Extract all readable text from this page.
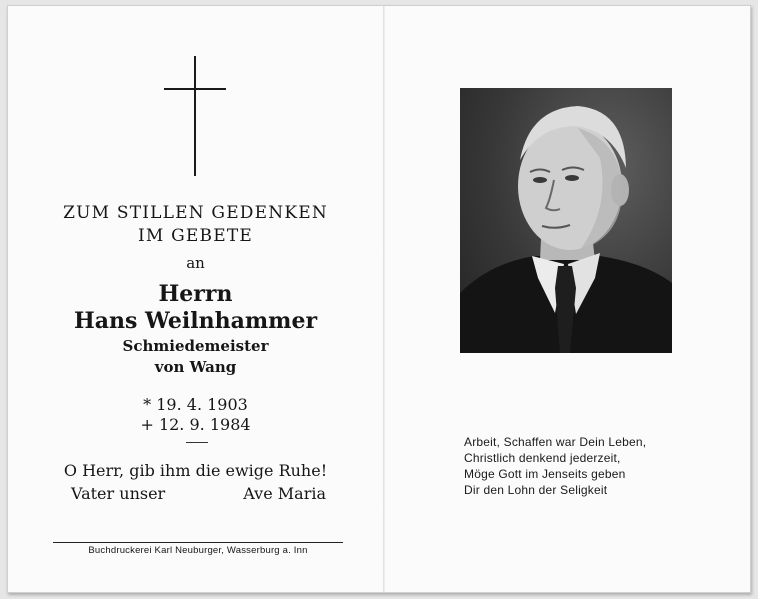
ZUM STILLEN GEDENKEN
IM GEBETE
an
Herrn
Hans Weilnhammer
Schmiedemeister
von Wang
* 19. 4. 1903
+ 12. 9. 1984
O Herr, gib ihm die ewige Ruhe!
Vater unser	Ave Maria
Buchdruckerei Karl Neuburger, Wasserburg a. Inn
Arbeit, Schaffen war Dein Leben,
Christlich denkend jederzeit,
Möge Gott im Jenseits geben
Dir den Lohn der Seligkeit
